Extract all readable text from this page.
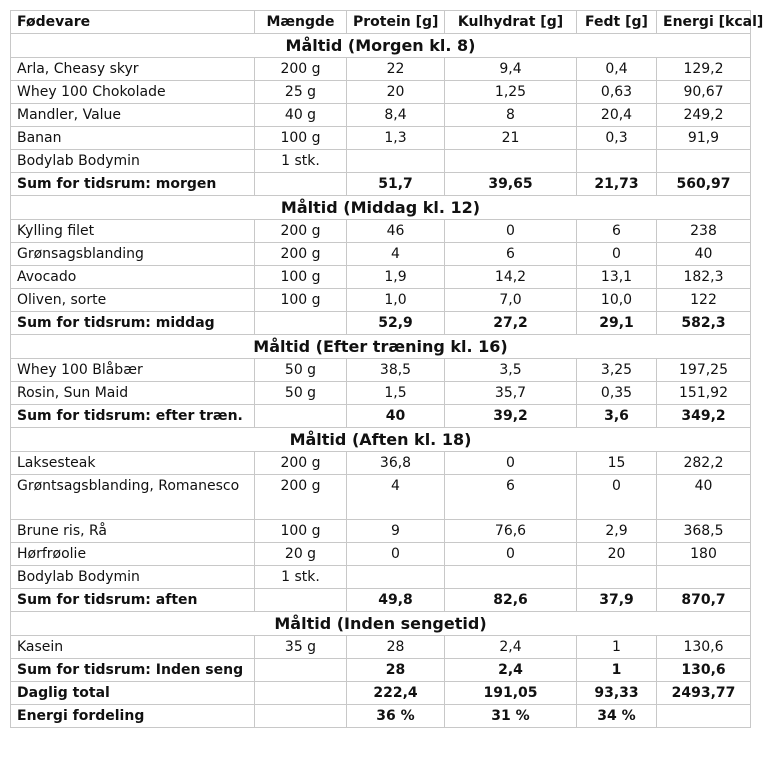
Fødevare	Mængde	Protein [g]	Kulhydrat [g]	Fedt [g]	Energi [kcal]
Måltid (Morgen kl. 8)					
Arla, Cheasy skyr	200 g	22	9,4	0,4	129,2
Whey 100 Chokolade	25 g	20	1,25	0,63	90,67
Mandler, Value	40 g	8,4	8	20,4	249,2
Banan	100 g	1,3	21	0,3	91,9
Bodylab Bodymin	1 stk.				
Sum for tidsrum: morgen		51,7	39,65	21,73	560,97
Måltid (Middag kl. 12)					
Kylling filet	200 g	46	0	6	238
Grønsagsblanding	200 g	4	6	0	40
Avocado	100 g	1,9	14,2	13,1	182,3
Oliven, sorte	100 g	1,0	7,0	10,0	122
Sum for tidsrum: middag		52,9	27,2	29,1	582,3
Måltid (Efter træning kl. 16)					
Whey 100 Blåbær	50 g	38,5	3,5	3,25	197,25
Rosin, Sun Maid	50 g	1,5	35,7	0,35	151,92
Sum for tidsrum: efter træn.		40	39,2	3,6	349,2
Måltid (Aften kl. 18)					
Laksesteak	200 g	36,8	0	15	282,2
Grøntsagsblanding, Romanesco	200 g	4	6	0	40
Brune ris, Rå	100 g	9	76,6	2,9	368,5
Hørfrøolie	20 g	0	0	20	180
Bodylab Bodymin	1 stk.				
Sum for tidsrum: aften		49,8	82,6	37,9	870,7
Måltid (Inden sengetid)					
Kasein	35 g	28	2,4	1	130,6
Sum for tidsrum: Inden seng		28	2,4	1	130,6
Daglig total		222,4	191,05	93,33	2493,77
Energi fordeling		36 %	31 %	34 %	
